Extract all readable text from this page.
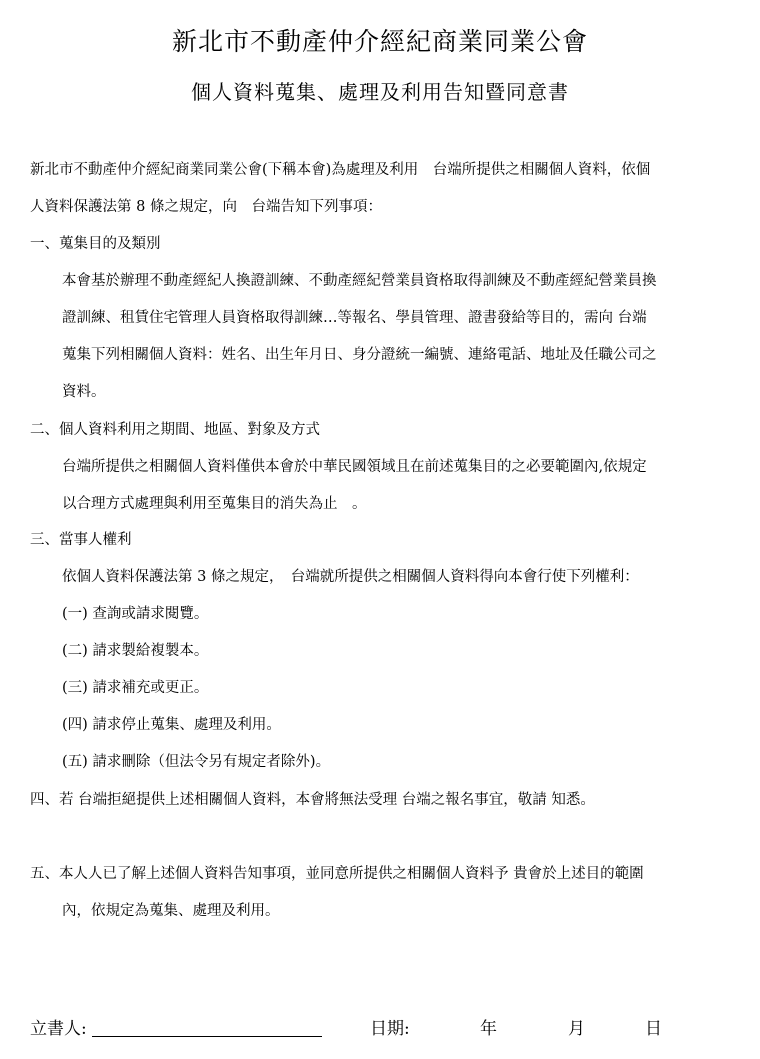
新北市不動產仲介經紀商業同業公會
個人資料蒐集、處理及利用告知暨同意書
新北市不動產仲介經紀商業同業公會(下稱本會)為處理及利用　台端所提供之相關個人資料，依個
人資料保護法第 8 條之規定，向　台端告知下列事項：
一、蒐集目的及類別
本會基於辦理不動產經紀人換證訓練、不動產經紀營業員資格取得訓練及不動產經紀營業員換
證訓練、租賃住宅管理人員資格取得訓練…等報名、學員管理、證書發給等目的，需向 台端
蒐集下列相關個人資料：姓名、出生年月日、身分證統一編號、連絡電話、地址及任職公司之
資料。
二、個人資料利用之期間、地區、對象及方式
台端所提供之相關個人資料僅供本會於中華民國領域且在前述蒐集目的之必要範圍內,依規定
以合理方式處理與利用至蒐集目的消失為止　。
三、當事人權利
依個人資料保護法第 3 條之規定，　台端就所提供之相關個人資料得向本會行使下列權利：
(一) 查詢或請求閱覽。
(二) 請求製給複製本。
(三) 請求補充或更正。
(四) 請求停止蒐集、處理及利用。
(五) 請求刪除（但法令另有規定者除外)。
四、若 台端拒絕提供上述相關個人資料，本會將無法受理 台端之報名事宜，敬請 知悉。
五、本人人已了解上述個人資料告知事項，並同意所提供之相關個人資料予 貴會於上述目的範圍
內，依規定為蒐集、處理及利用。
立書人:	日期:	年	月	日
